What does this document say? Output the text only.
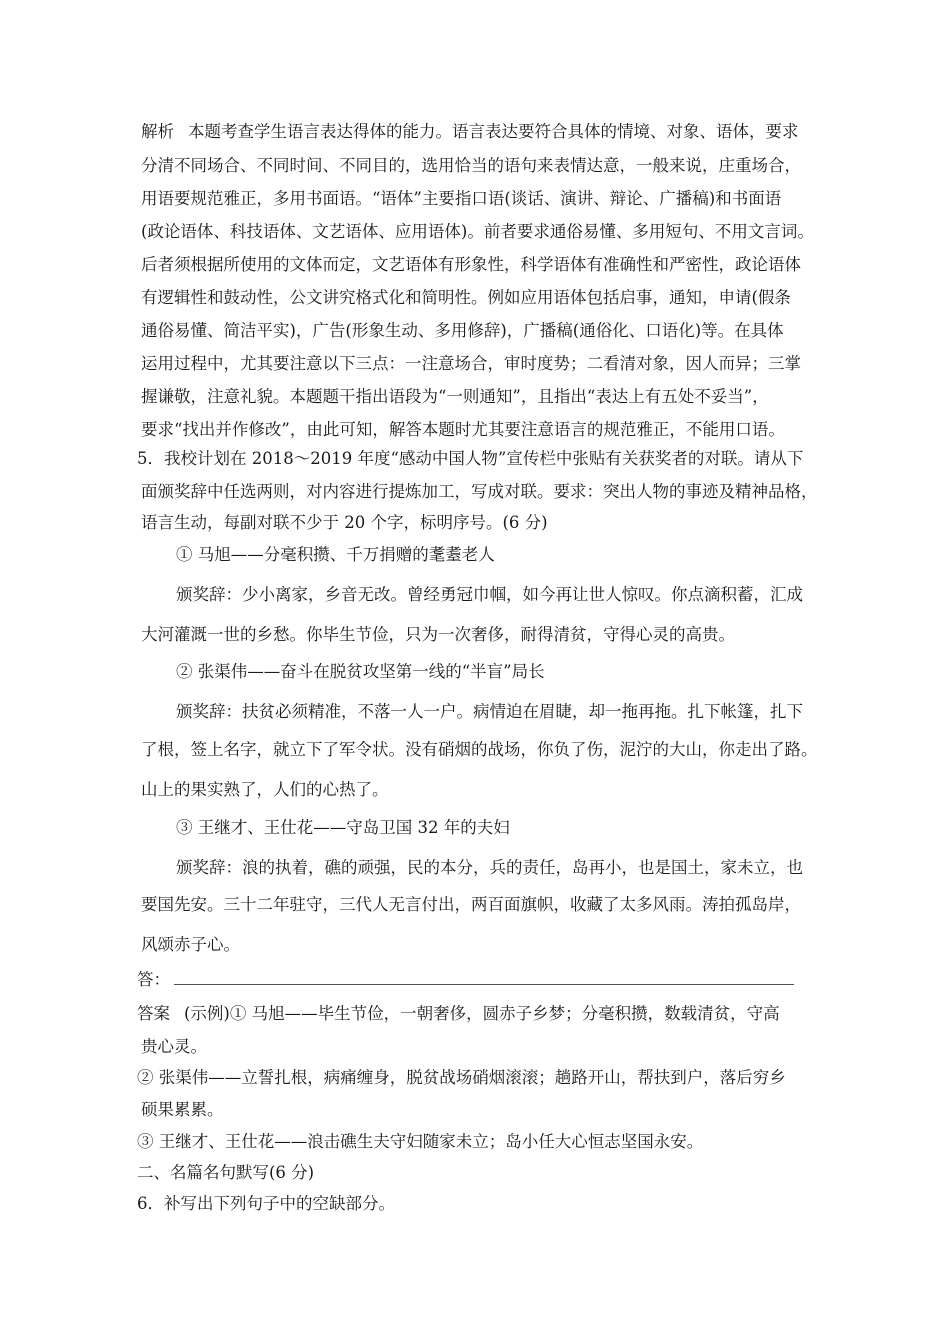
解析 本题考查学生语言表达得体的能力。语言表达要符合具体的情境、对象、语体，要求
分清不同场合、不同时间、不同目的，选用恰当的语句来表情达意，一般来说，庄重场合，
用语要规范雅正，多用书面语。“语体”主要指口语(谈话、演讲、辩论、广播稿)和书面语
(政论语体、科技语体、文艺语体、应用语体)。前者要求通俗易懂、多用短句、不用文言词。
后者须根据所使用的文体而定，文艺语体有形象性，科学语体有准确性和严密性，政论语体
有逻辑性和鼓动性，公文讲究格式化和简明性。例如应用语体包括启事，通知，申请(假条
通俗易懂、简洁平实)，广告(形象生动、多用修辞)，广播稿(通俗化、口语化)等。在具体
运用过程中，尤其要注意以下三点：一注意场合，审时度势；二看清对象，因人而异；三掌
握谦敬，注意礼貌。本题题干指出语段为“一则通知”，且指出“表达上有五处不妥当”，
要求“找出并作修改”，由此可知，解答本题时尤其要注意语言的规范雅正，不能用口语。
5．我校计划在 2018～2019 年度“感动中国人物”宣传栏中张贴有关获奖者的对联。请从下
面颁奖辞中任选两则，对内容进行提炼加工，写成对联。要求：突出人物的事迹及精神品格，
语言生动，每副对联不少于 20 个字，标明序号。(6 分)
① 马旭——分毫积攒、千万捐赠的耄耋老人
颁奖辞：少小离家，乡音无改。曾经勇冠巾帼，如今再让世人惊叹。你点滴积蓄，汇成
大河灌溉一世的乡愁。你毕生节俭，只为一次奢侈，耐得清贫，守得心灵的高贵。
② 张渠伟——奋斗在脱贫攻坚第一线的“半盲”局长
颁奖辞：扶贫必须精准，不落一人一户。病情迫在眉睫，却一拖再拖。扎下帐篷，扎下
了根，签上名字，就立下了军令状。没有硝烟的战场，你负了伤，泥泞的大山，你走出了路。
山上的果实熟了，人们的心热了。
③ 王继才、王仕花——守岛卫国 32 年的夫妇
颁奖辞：浪的执着，礁的顽强，民的本分，兵的责任，岛再小，也是国土，家未立，也
要国先安。三十二年驻守，三代人无言付出，两百面旗帜，收藏了太多风雨。涛拍孤岛岸，
风颂赤子心。
答：
答案 (示例)① 马旭——毕生节俭，一朝奢侈，圆赤子乡梦；分毫积攒，数载清贫，守高
贵心灵。
② 张渠伟——立誓扎根，病痛缠身，脱贫战场硝烟滚滚；趟路开山，帮扶到户，落后穷乡
硕果累累。
③ 王继才、王仕花——浪击礁生夫守妇随家未立；岛小任大心恒志坚国永安。
二、名篇名句默写(6 分)
6．补写出下列句子中的空缺部分。
